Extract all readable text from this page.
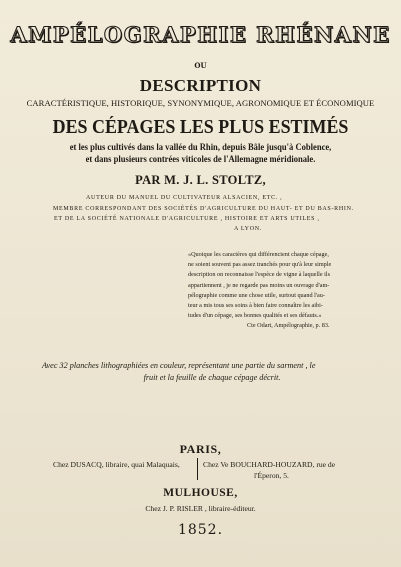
AMPÉLOGRAPHIE RHÉNANE
OU
DESCRIPTION
CARACTÉRISTIQUE, HISTORIQUE, SYNONYMIQUE, AGRONOMIQUE ET ÉCONOMIQUE
DES CÉPAGES LES PLUS ESTIMÉS
et les plus cultivés dans la vallée du Rhin, depuis Bâle jusqu'à Coblence,
et dans plusieurs contrées viticoles de l'Allemagne méridionale.
PAR M. J. L. STOLTZ,
AUTEUR DU MANUEL DU CULTIVATEUR ALSACIEN, ETC. ,
MEMBRE CORRESPONDANT DES SOCIÉTÉS D'AGRICULTURE DU HAUT- ET DU BAS-RHIN.
ET DE LA SOCIÉTÉ NATIONALE D'AGRICULTURE , HISTOIRE ET ARTS UTILES ,
A LYON.
«Quoique les caractères qui différencient chaque cépage,
ne soient souvent pas assez tranchés pour qu'à leur simple
description on reconnaisse l'espèce de vigne à laquelle ils
appartiennent , je ne regarde pas moins un ouvrage d'am-
pélographie comme une chose utile, surtout quand l'au-
teur a mis tous ses soins à bien faire connaître les aibi-
tudes d'un cépage, ses bonnes qualités et ses défauts.»
Cte Odart, Ampélographie, p. 83.
Avec 32 planches lithographiées en couleur, représentant une partie du sarment , le
fruit et la feuille de chaque cépage décrit.
PARIS,
Chez DUSACQ, libraire, quai Malaquais,	Chez Ve BOUCHARD-HOUZARD, rue de
l'Éperon, 5.
MULHOUSE,
Chez J. P. RISLER , libraire-éditeur.
1852.
